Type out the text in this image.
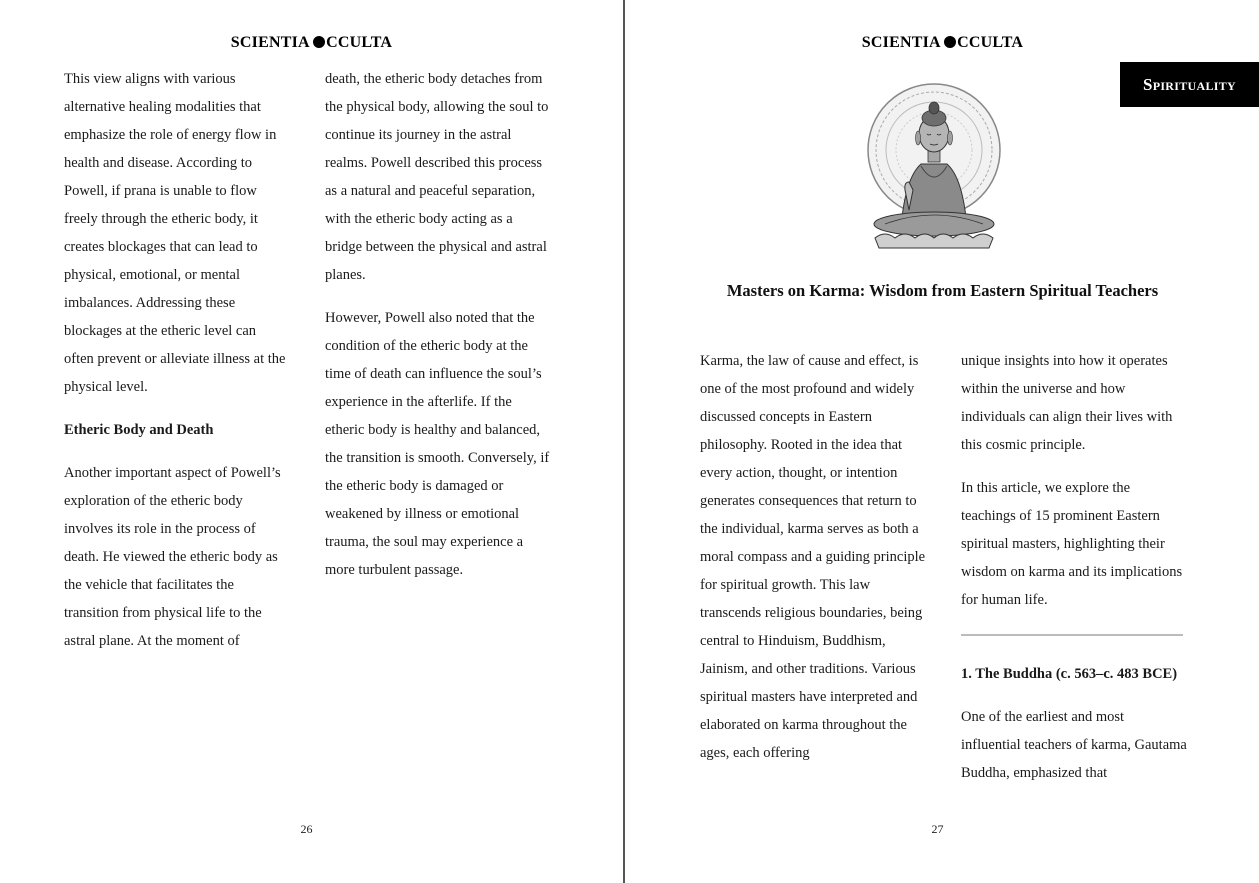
SCIENTIA CCULTA

This view aligns with various alternative healing modalities that emphasize the role of energy flow in health and disease. According to Powell, if prana is unable to flow freely through the etheric body, it creates blockages that can lead to physical, emotional, or mental imbalances. Addressing these blockages at the etheric level can often prevent or alleviate illness at the physical level.

Etheric Body and Death

Another important aspect of Powell’s exploration of the etheric body involves its role in the process of death. He viewed the etheric body as the vehicle that facilitates the transition from physical life to the astral plane. At the moment of

death, the etheric body detaches from the physical body, allowing the soul to continue its journey in the astral realms. Powell described this process as a natural and peaceful separation, with the etheric body acting as a bridge between the physical and astral planes.

However, Powell also noted that the condition of the etheric body at the time of death can influence the soul’s experience in the afterlife. If the etheric body is healthy and balanced, the transition is smooth. Conversely, if the etheric body is damaged or weakened by illness or emotional trauma, the soul may experience a more turbulent passage.

26
SCIENTIA CCULTA
Spirituality
Masters on Karma: Wisdom from Eastern Spiritual Teachers

Karma, the law of cause and effect, is one of the most profound and widely discussed concepts in Eastern philosophy. Rooted in the idea that every action, thought, or intention generates consequences that return to the individual, karma serves as both a moral compass and a guiding principle for spiritual growth. This law transcends religious boundaries, being central to Hinduism, Buddhism, Jainism, and other traditions. Various spiritual masters have interpreted and elaborated on karma throughout the ages, each offering

unique insights into how it operates within the universe and how individuals can align their lives with this cosmic principle.

In this article, we explore the teachings of 15 prominent Eastern spiritual masters, highlighting their wisdom on karma and its implications for human life.

1. The Buddha (c. 563–c. 483 BCE)

One of the earliest and most influential teachers of karma, Gautama Buddha, emphasized that

27
